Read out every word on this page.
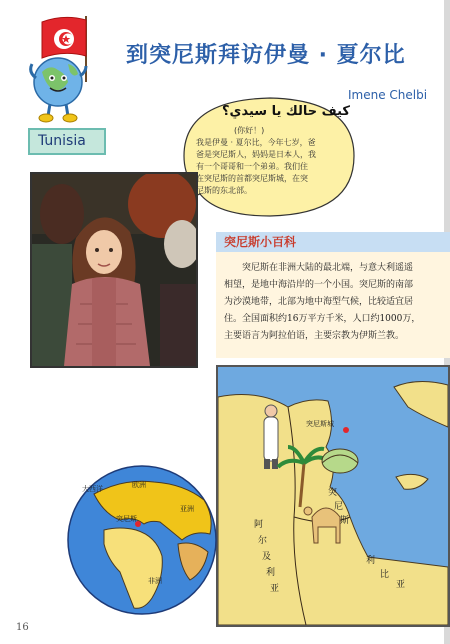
到突尼斯拜访伊曼 · 夏尔比
Imene Chelbi
Tunisia
كيف حالك يا سيدي؟
(你好！)
我是伊曼 · 夏尔比，今年七岁，爸
爸是突尼斯人，妈妈是日本人，我
有一个哥哥和一个弟弟。我们住
在突尼斯的首都突尼斯城，在突
尼斯的东北部。
突尼斯小百科
突尼斯在非洲大陆的最北端，与意大利遥遥
相望，是地中海沿岸的一个小国。突尼斯的南部
为沙漠地带，北部为地中海型气候，比较适宜居
住。全国面积约16万平方千米，人口约1000万，
主要语言为阿拉伯语，主要宗教为伊斯兰教。
突尼斯城
突
尼
斯
阿
尔
及
利
亚
利
比
亚
欧洲
大西洋
突尼斯
亚洲
非洲
16
